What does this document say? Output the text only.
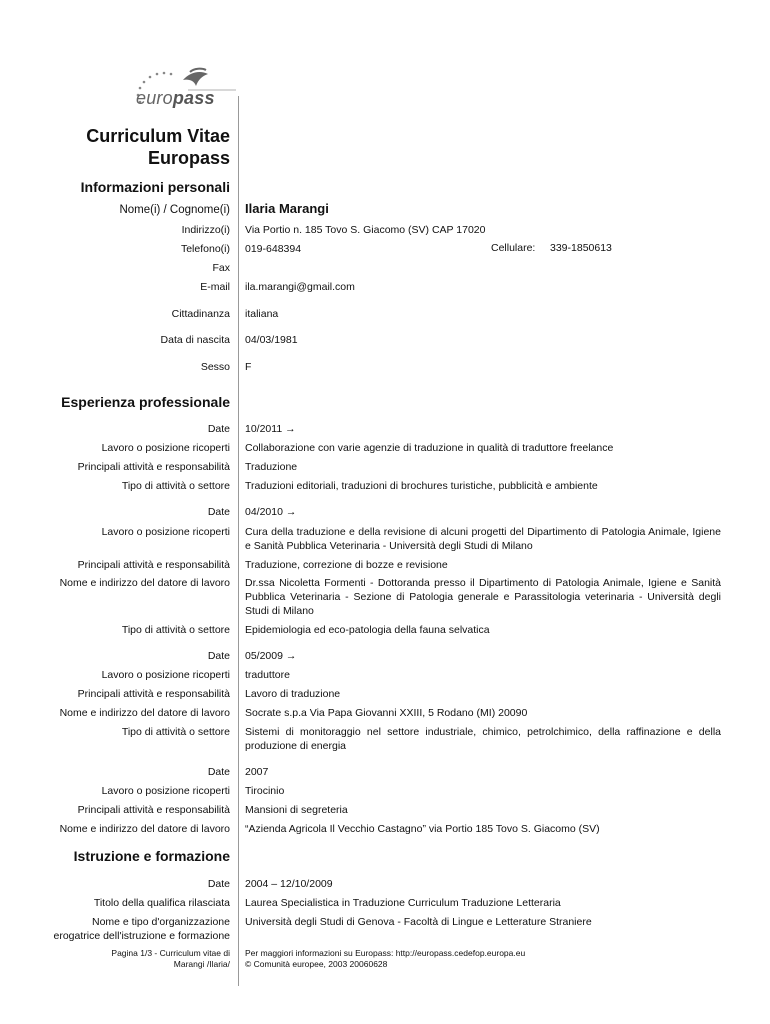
europass
Curriculum Vitae
Europass
Informazioni personali
Nome(i) / Cognome(i) Ilaria Marangi
Indirizzo(i) Via Portio n. 185 Tovo S. Giacomo (SV) CAP 17020
Telefono(i) 019-648394	Cellulare: 339-1850613
Fax
E-mail ila.marangi@gmail.com
Cittadinanza italiana
Data di nascita 04/03/1981
Sesso F
Esperienza professionale
Date 10/2011 →
Lavoro o posizione ricoperti Collaborazione con varie agenzie di traduzione in qualità di traduttore freelance
Principali attività e responsabilità Traduzione
Tipo di attività o settore Traduzioni editoriali, traduzioni di brochures turistiche, pubblicità e ambiente
Date 04/2010 →
Lavoro o posizione ricoperti Cura della traduzione e della revisione di alcuni progetti del Dipartimento di Patologia Animale, Igiene e Sanità Pubblica Veterinaria - Università degli Studi di Milano
Principali attività e responsabilità Traduzione, correzione di bozze e revisione
Nome e indirizzo del datore di lavoro Dr.ssa Nicoletta Formenti - Dottoranda presso il Dipartimento di Patologia Animale, Igiene e Sanità Pubblica Veterinaria - Sezione di Patologia generale e Parassitologia veterinaria - Università degli Studi di Milano
Tipo di attività o settore Epidemiologia ed eco-patologia della fauna selvatica
Date 05/2009 →
Lavoro o posizione ricoperti traduttore
Principali attività e responsabilità Lavoro di traduzione
Nome e indirizzo del datore di lavoro Socrate s.p.a Via Papa Giovanni XXIII, 5 Rodano (MI) 20090
Tipo di attività o settore Sistemi di monitoraggio nel settore industriale, chimico, petrolchimico, della raffinazione e della produzione di energia
Date 2007
Lavoro o posizione ricoperti Tirocinio
Principali attività e responsabilità Mansioni di segreteria
Nome e indirizzo del datore di lavoro “Azienda Agricola Il Vecchio Castagno” via Portio 185 Tovo S. Giacomo (SV)
Istruzione e formazione
Date 2004 – 12/10/2009
Titolo della qualifica rilasciata Laurea Specialistica in Traduzione Curriculum Traduzione Letteraria
Nome e tipo d'organizzazione
erogatrice dell'istruzione e formazione
Università degli Studi di Genova - Facoltà di Lingue e Letterature Straniere
Pagina 1/3 - Curriculum vitae di
Marangi /Ilaria/
Per maggiori informazioni su Europass: http://europass.cedefop.europa.eu
© Comunità europee, 2003 20060628
